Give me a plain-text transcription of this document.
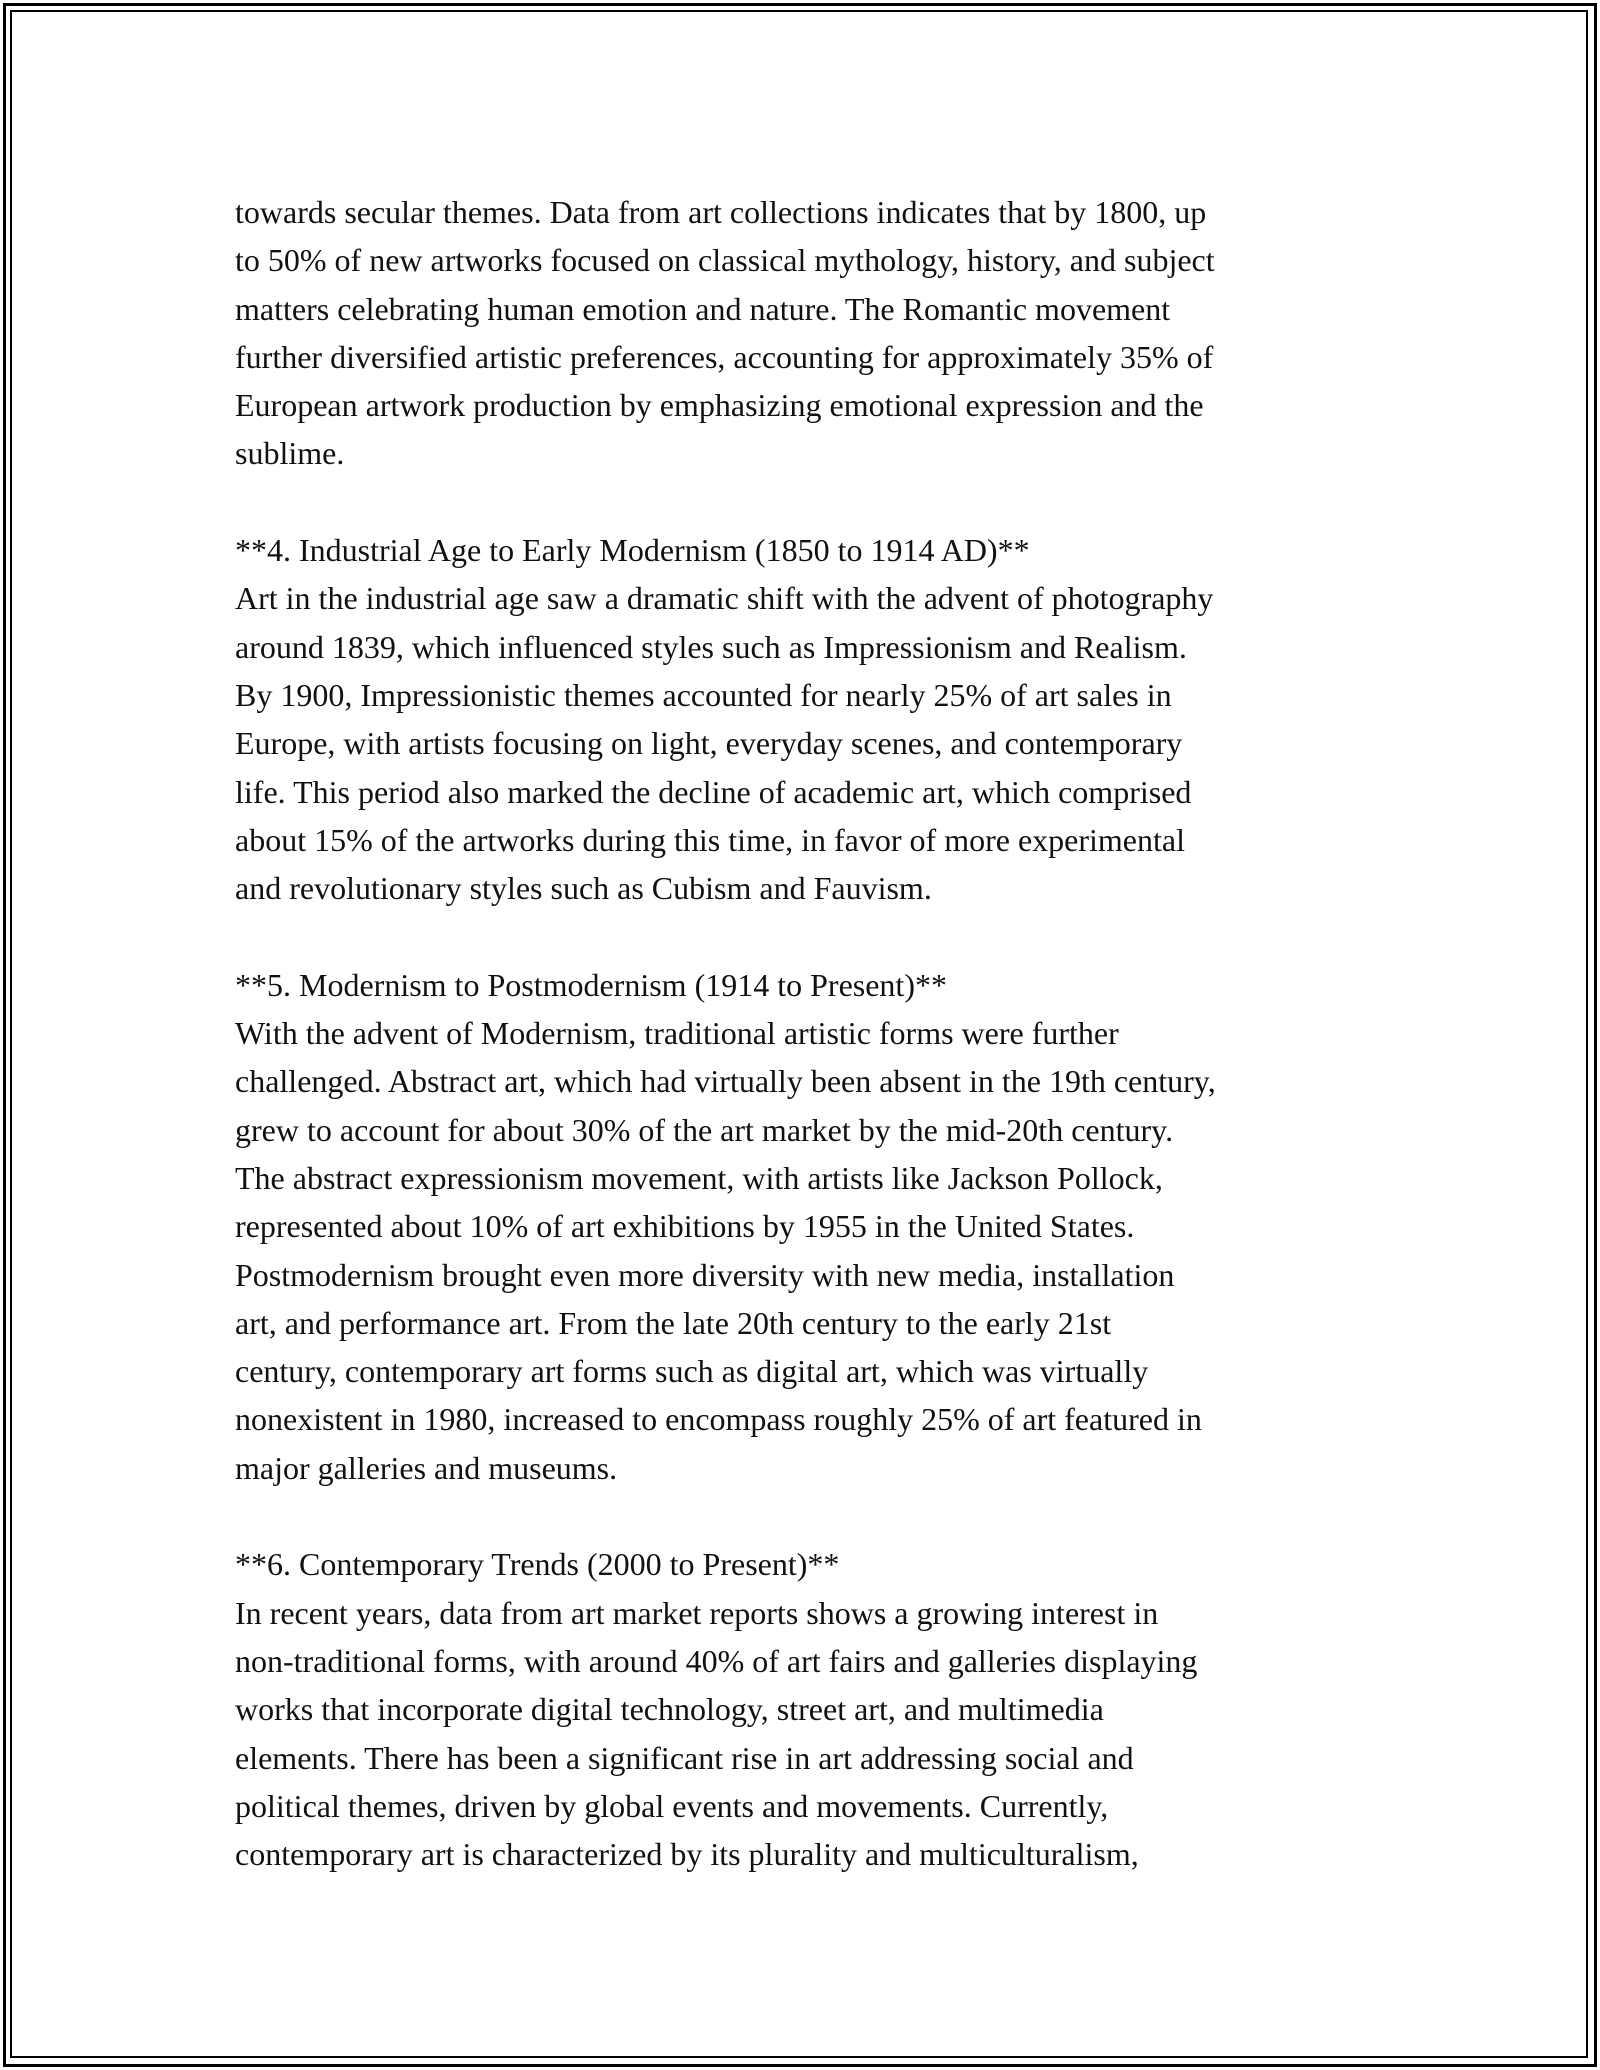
towards secular themes. Data from art collections indicates that by 1800, up
to 50% of new artworks focused on classical mythology, history, and subject
matters celebrating human emotion and nature. The Romantic movement
further diversified artistic preferences, accounting for approximately 35% of
European artwork production by emphasizing emotional expression and the
sublime.
**4. Industrial Age to Early Modernism (1850 to 1914 AD)**
Art in the industrial age saw a dramatic shift with the advent of photography
around 1839, which influenced styles such as Impressionism and Realism.
By 1900, Impressionistic themes accounted for nearly 25% of art sales in
Europe, with artists focusing on light, everyday scenes, and contemporary
life. This period also marked the decline of academic art, which comprised
about 15% of the artworks during this time, in favor of more experimental
and revolutionary styles such as Cubism and Fauvism.
**5. Modernism to Postmodernism (1914 to Present)**
With the advent of Modernism, traditional artistic forms were further
challenged. Abstract art, which had virtually been absent in the 19th century,
grew to account for about 30% of the art market by the mid-20th century.
The abstract expressionism movement, with artists like Jackson Pollock,
represented about 10% of art exhibitions by 1955 in the United States.
Postmodernism brought even more diversity with new media, installation
art, and performance art. From the late 20th century to the early 21st
century, contemporary art forms such as digital art, which was virtually
nonexistent in 1980, increased to encompass roughly 25% of art featured in
major galleries and museums.
**6. Contemporary Trends (2000 to Present)**
In recent years, data from art market reports shows a growing interest in
non-traditional forms, with around 40% of art fairs and galleries displaying
works that incorporate digital technology, street art, and multimedia
elements. There has been a significant rise in art addressing social and
political themes, driven by global events and movements. Currently,
contemporary art is characterized by its plurality and multiculturalism,
